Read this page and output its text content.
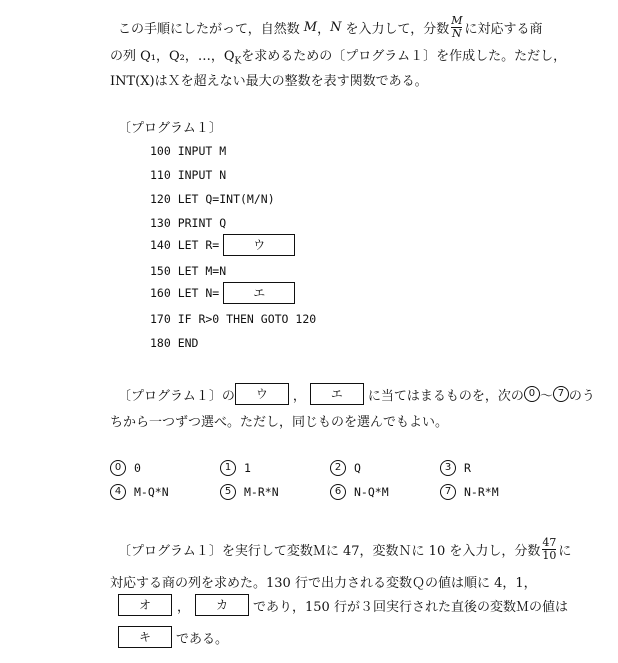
この手順にしたがって，自然数 M ， N を入力して，分数 $\frac{M}{N}$ に対応する商
の列 Q₁，Q₂，…，$Q_K$を求めるための〔プログラム１〕を作成した。ただし，
INT(X)はＸを超えない最大の整数を表す関数である。
〔プログラム１〕
100 INPUT M
110 INPUT N
120 LET Q=INT(M/N)
130 PRINT Q
140 LET R=	ウ
150 LET M=N
160 LET N=	エ
170 IF R>0 THEN GOTO 120
180 END
〔プログラム１〕の	ウ	，	エ	に当てはまるものを，次の 0 ～ 7 のう
ちから一つずつ選べ。ただし，同じものを選んでもよい。
0	0	1	1	2	Q	3	R
4	M-Q*N	5	M-R*N	6	N-Q*M	7	N-R*M
〔プログラム１〕を実行して変数Ｍに 47，変数Ｎに 10 を入力し，分数 $\frac{47}{10}$ に
対応する商の列を求めた。130 行で出力される変数Ｑの値は順に 4，1，
オ	，	カ	であり，150 行が３回実行された直後の変数Ｍの値は
キ	である。
